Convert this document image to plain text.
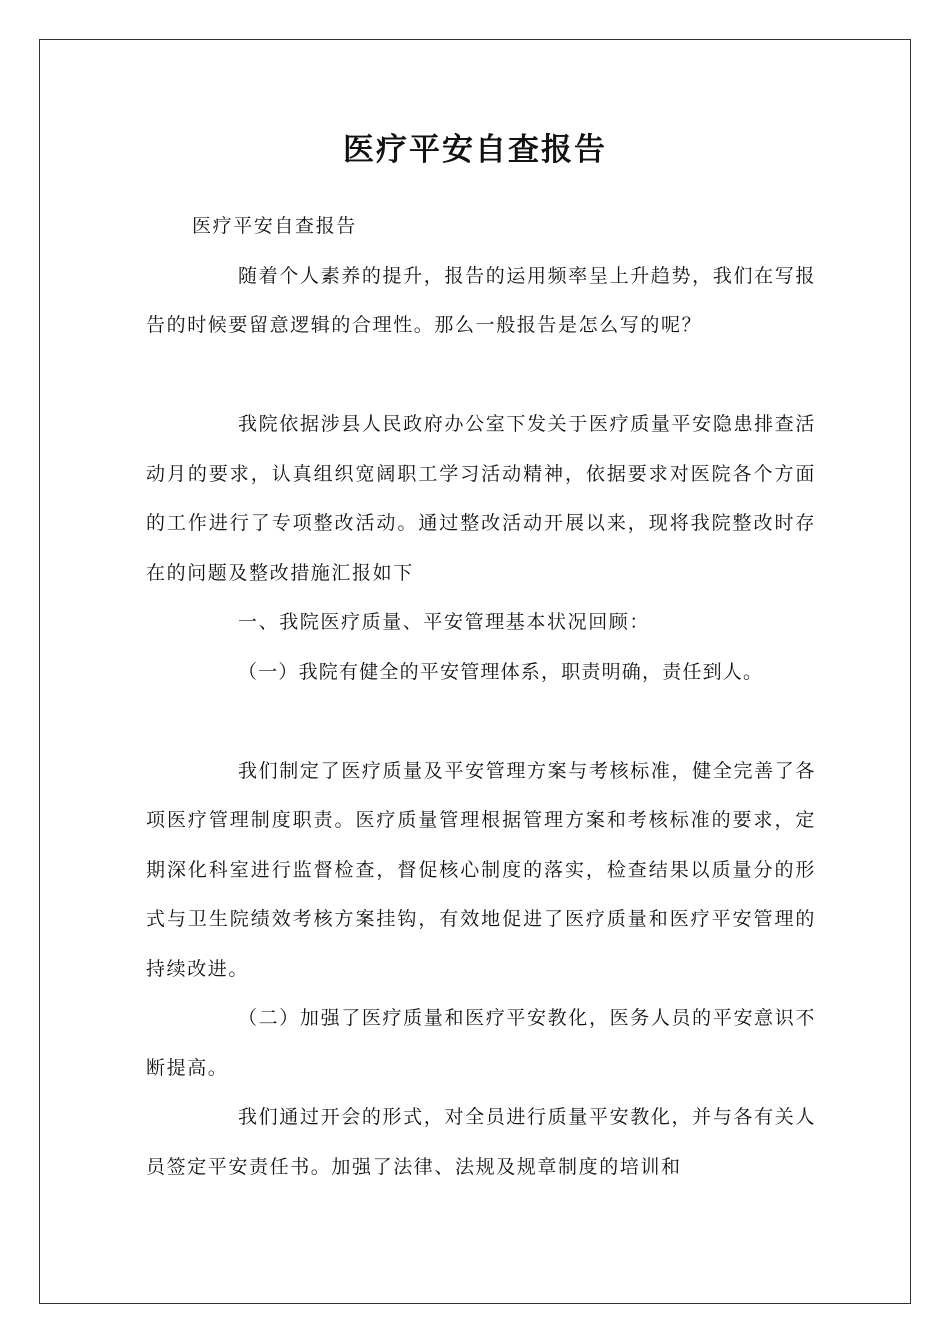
医疗平安自查报告

医疗平安自查报告

随着个人素养的提升，报告的运用频率呈上升趋势，我们在写报告的时候要留意逻辑的合理性。那么一般报告是怎么写的呢？

我院依据涉县人民政府办公室下发关于医疗质量平安隐患排查活动月的要求，认真组织宽阔职工学习活动精神，依据要求对医院各个方面的工作进行了专项整改活动。通过整改活动开展以来，现将我院整改时存在的问题及整改措施汇报如下

一、我院医疗质量、平安管理基本状况回顾：

（一）我院有健全的平安管理体系，职责明确，责任到人。

我们制定了医疗质量及平安管理方案与考核标准，健全完善了各项医疗管理制度职责。医疗质量管理根据管理方案和考核标准的要求，定期深化科室进行监督检查，督促核心制度的落实，检查结果以质量分的形式与卫生院绩效考核方案挂钩，有效地促进了医疗质量和医疗平安管理的持续改进。

（二）加强了医疗质量和医疗平安教化，医务人员的平安意识不断提高。

我们通过开会的形式，对全员进行质量平安教化，并与各有关人员签定平安责任书。加强了法律、法规及规章制度的培训和
